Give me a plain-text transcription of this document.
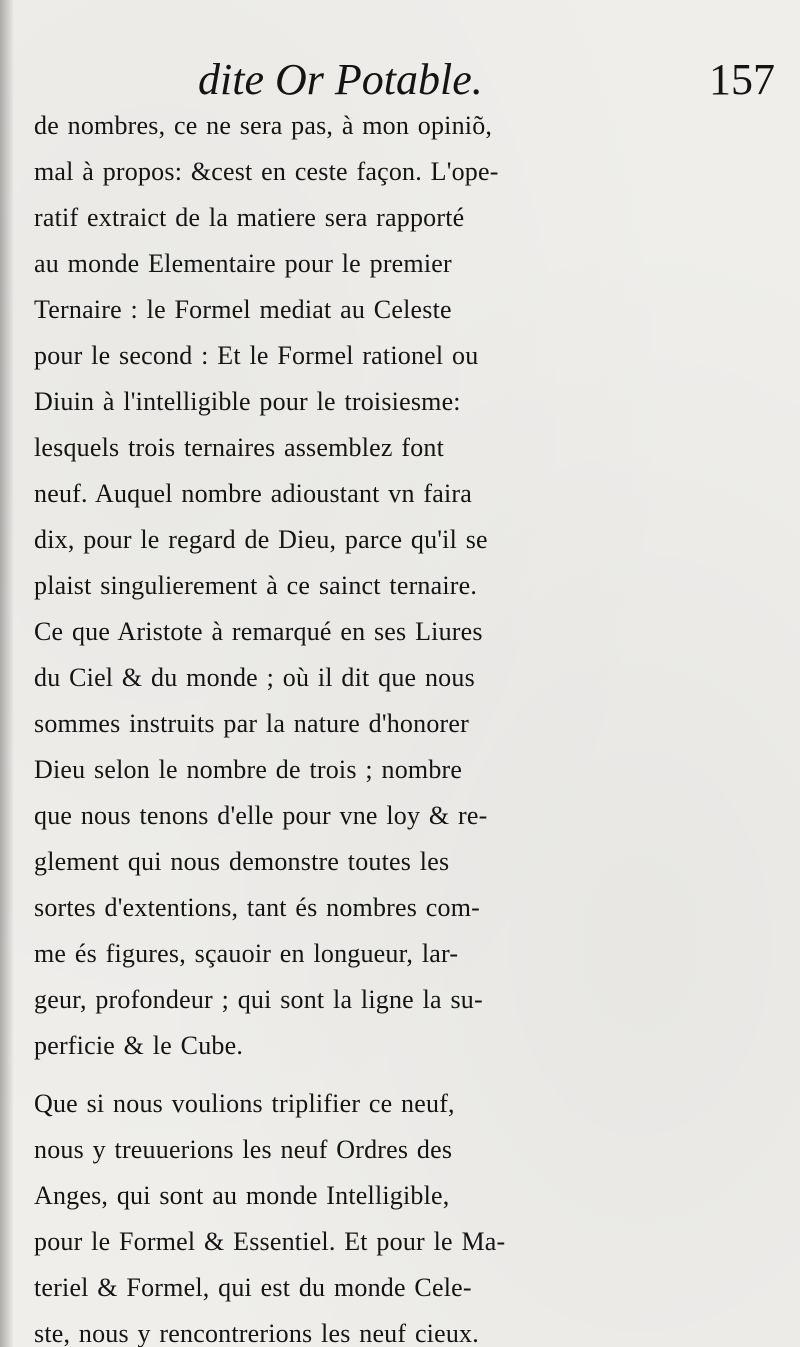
dite Or Potable.	157
de nombres, ce ne sera pas, à mon opiniõ,
mal à propos: &cest en ceste façon. L'ope-
ratif extraict de la matiere sera rapporté
au monde Elementaire pour le premier
Ternaire : le Formel mediat au Celeste
pour le second : Et le Formel rationel ou
Diuin à l'intelligible pour le troisiesme:
lesquels trois ternaires assemblez font
neuf. Auquel nombre adioustant vn faira
dix, pour le regard de Dieu, parce qu'il se
plaist singulierement à ce sainct ternaire.
Ce que Aristote à remarqué en ses Liures
du Ciel & du monde ; où il dit que nous
sommes instruits par la nature d'honorer
Dieu selon le nombre de trois ; nombre
que nous tenons d'elle pour vne loy & re-
glement qui nous demonstre toutes les
sortes d'extentions, tant és nombres com-
me és figures, sçauoir en longueur, lar-
geur, profondeur ; qui sont la ligne la su-
perficie & le Cube.
Que si nous voulions triplifier ce neuf,
nous y treuuerions les neuf Ordres des
Anges, qui sont au monde Intelligible,
pour le Formel & Essentiel. Et pour le Ma-
teriel & Formel, qui est du monde Cele-
ste, nous y rencontrerions les neuf cieux.
